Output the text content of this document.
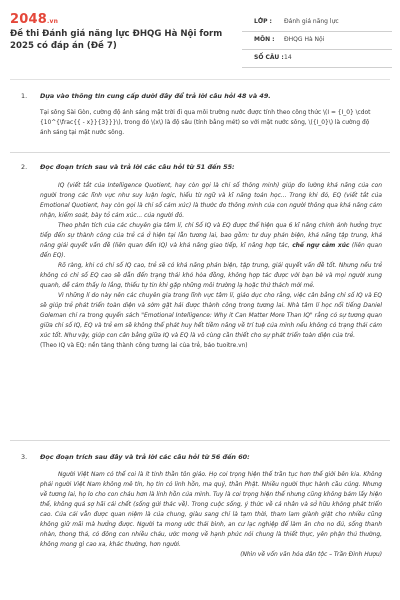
2048.vn
Đề thi Đánh giá năng lực ĐHQG Hà Nội form 2025 có đáp án (Đề 7)
LỚP : Đánh giá năng lực
MÔN : ĐHQG Hà Nội
SỐ CÂU : 14
1. Dựa vào thông tin cung cấp dưới đây để trả lời câu hỏi 48 và 49.

Tại sông Sài Gòn, cường độ ánh sáng mặt trời đi qua môi trường nước được tính theo công thức \(I = {I_0} \cdot {10^{\frac{{ - x}}{3}}}\), trong đó \(x\) là độ sâu (tính bằng mét) so với mặt nước sông, \({I_0}\) là cường độ ánh sáng tại mặt nước sông.

2. Đọc đoạn trích sau và trả lời các câu hỏi từ 51 đến 55:

IQ (viết tắt của Intelligence Quotient, hay còn gọi là chỉ số thông minh) giúp đo lường khả năng của con người trong các lĩnh vực như suy luận logic, hiểu từ ngữ và kĩ năng toán học... Trong khi đó, EQ (viết tắt của Emotional Quotient, hay còn gọi là chỉ số cảm xúc) là thước đo thông minh của con người thông qua khả năng cảm nhận, kiểm soát, bày tỏ cảm xúc... của người đó.

Theo phân tích của các chuyên gia tâm lí, chỉ Số IQ và EQ được thể hiện qua 6 kĩ năng chính ảnh hưởng trực tiếp đến sự thành công của trẻ cả ở hiện tại lẫn tương lai, bao gồm: tư duy phản biện, khả năng tập trung, khả năng giải quyết vấn đề (liên quan đến IQ) và khả năng giao tiếp, kĩ năng hợp tác, chế ngự cảm xúc (liên quan đến EQ).

Rõ ràng, khi có chỉ số IQ cao, trẻ sẽ có khả năng phản biện, tập trung, giải quyết vấn đề tốt. Nhưng nếu trẻ không có chỉ số EQ cao sẽ dẫn đến trạng thái khó hòa đồng, không hợp tác được với bạn bè và mọi người xung quanh, dễ cảm thấy lo lắng, thiếu tự tin khi gặp những môi trường lạ hoặc thử thách mới mẻ.

Vì những lí do này nên các chuyên gia trong lĩnh vực tâm lí, giáo dục cho rằng, việc cân bằng chỉ số IQ và EQ sẽ giúp trẻ phát triển toàn diện và sớm gặt hái được thành công trong tương lai. Nhà tâm lí học nổi tiếng Daniel Goleman chỉ ra trong quyển sách "Emotional Intelligence: Why it Can Matter More Than IQ" rằng có sự tương quan giữa chỉ số IQ, EQ và trẻ em sẽ không thể phát huy hết tiềm năng về trí tuệ của mình nếu không có trạng thái cảm xúc tốt. Như vậy, giúp con cân bằng giữa IQ và EQ là vô cùng cần thiết cho sự phát triển toàn diện của trẻ.

(Theo IQ và EQ: nền tảng thành công tương lai của trẻ, báo tuoitre.vn)

3. Đọc đoạn trích sau đây và trả lời các câu hỏi từ 56 đến 60:

Người Việt Nam có thể coi là ít tinh thần tôn giáo. Họ coi trọng hiện thế trần tục hơn thế giới bên kia. Không phải người Việt Nam không mê tín, họ tin có linh hồn, ma quỷ, thần Phật. Nhiều người thực hành cầu cúng. Nhưng về tương lai, họ lo cho con cháu hơn là linh hồn của mình. Tuy là coi trọng hiện thế nhưng cũng không bám lấy hiện thế, không quá sợ hãi cái chết (sống gửi thác về). Trong cuộc sống, ý thức về cá nhân và sở hữu không phát triển cao. Của cải vẫn được quan niệm là của chung, giàu sang chỉ là tạm thời, tham lam giành giật cho nhiều cũng không giữ mãi mà hưởng được. Người ta mong ước thái bình, an cư lạc nghiệp để làm ăn cho no đủ, sống thanh nhàn, thong thả, có đông con nhiều cháu, ước mong về hạnh phúc nói chung là thiết thực, yên phận thủ thường, không mong gì cao xa, khác thường, hơn người.

(Nhìn về vốn văn hóa dân tộc – Trần Đình Hượu)
